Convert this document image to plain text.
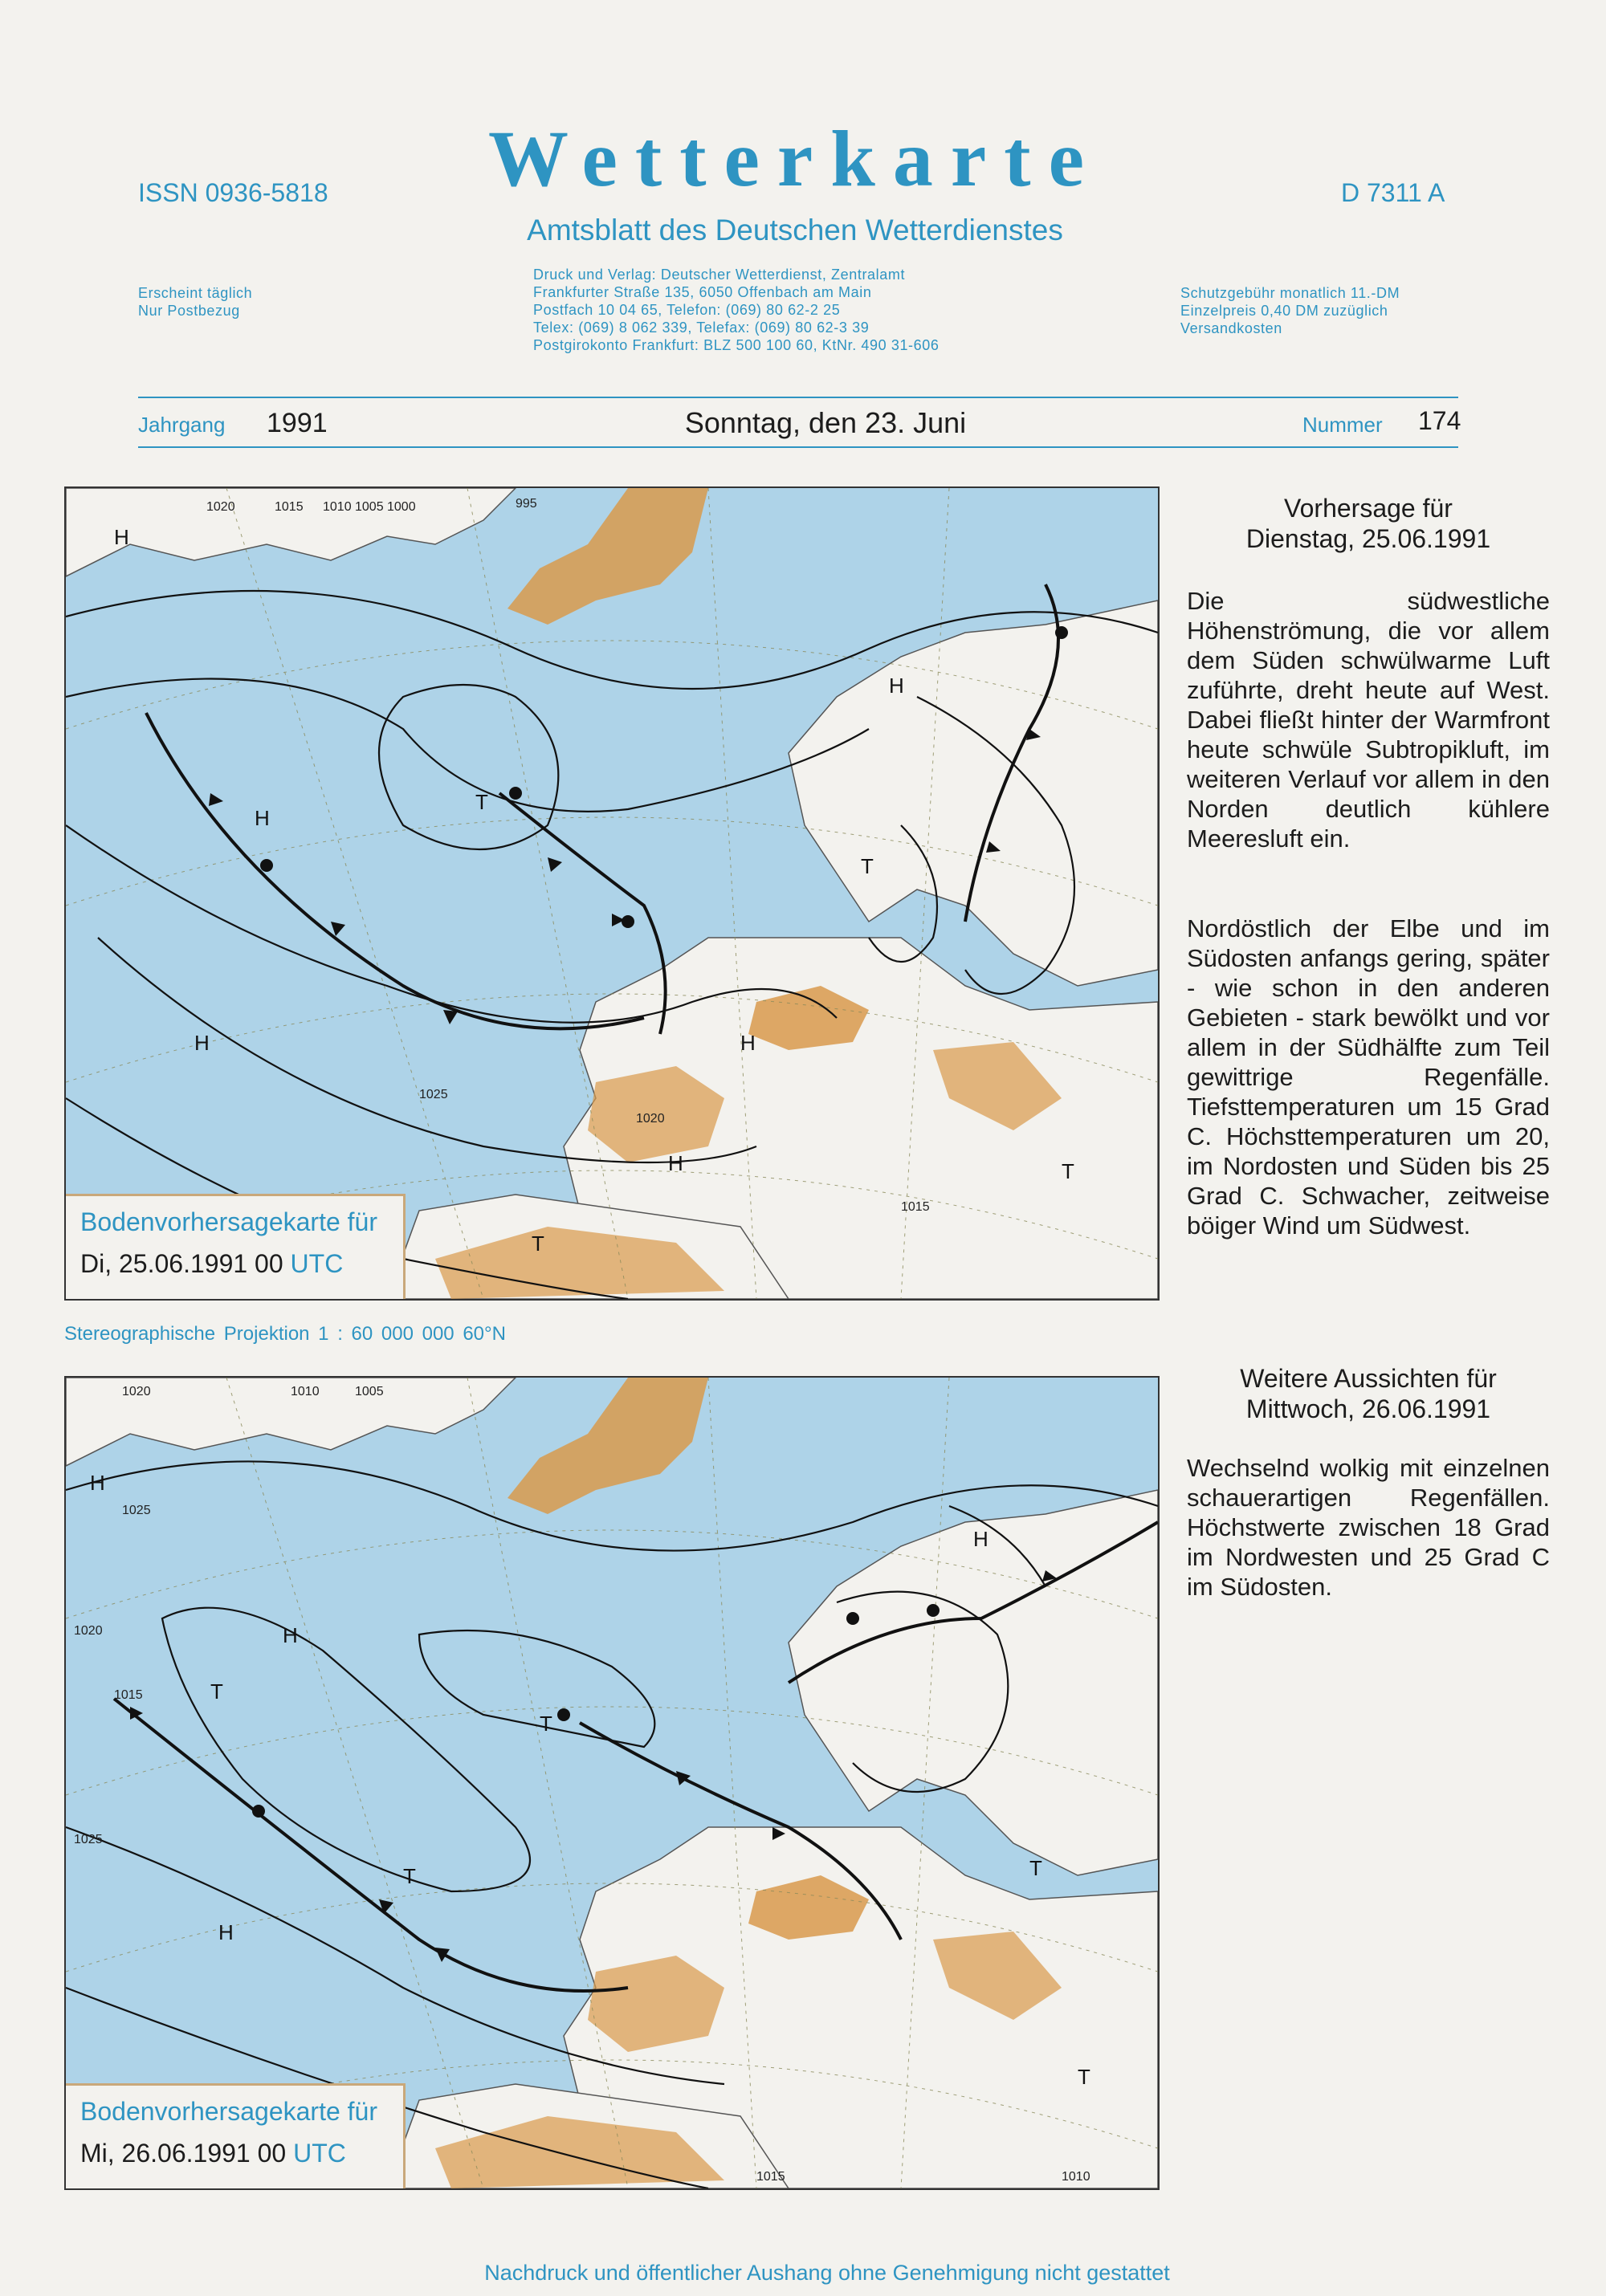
ISSN 0936-5818	Wetterkarte	D 7311 A
Amtsblatt des Deutschen Wetterdienstes
Erscheint täglich
Nur Postbezug
Druck und Verlag: Deutscher Wetterdienst, Zentralamt
Frankfurter Straße 135, 6050 Offenbach am Main
Postfach 10 04 65, Telefon: (069) 80 62-2 25
Telex: (069) 8 062 339, Telefax: (069) 80 62-3 39
Postgirokonto Frankfurt: BLZ 500 100 60, KtNr. 490 31-606
Schutzgebühr monatlich 11.-DM
Einzelpreis 0,40 DM zuzüglich
Versandkosten
Jahrgang 1991	Sonntag, den 23. Juni	Nummer 174
H
H
H
H
H
H
T
T
T
T
1020	1015 1010 1005 1000	995
1025
1020
1015
Bodenvorhersagekarte für
Di, 25.06.1991 00 UTC
Stereographische Projektion 1 : 60 000 000 60°N
H
H
H
H
T
T
T	T
T
1020
1025
1010	1005
1020
1015
1025
1015	1010
Bodenvorhersagekarte für
Mi, 26.06.1991 00 UTC
Vorhersage für
Dienstag, 25.06.1991
Die südwestliche Höhenströmung, die vor allem dem Süden schwülwarme Luft zuführte, dreht heute auf West. Dabei fließt hinter der Warmfront heute schwüle Subtropikluft, im weiteren Verlauf vor allem in den Norden deutlich kühlere Meeresluft ein.
Nordöstlich der Elbe und im Südosten anfangs gering, später - wie schon in den anderen Gebieten - stark bewölkt und vor allem in der Südhälfte zum Teil gewittrige Regenfälle. Tiefsttemperaturen um 15 Grad C. Höchsttemperaturen um 20, im Nordosten und Süden bis 25 Grad C. Schwacher, zeitweise böiger Wind um Südwest.
Weitere Aussichten für
Mittwoch, 26.06.1991
Wechselnd wolkig mit einzelnen schauerartigen Regenfällen. Höchstwerte zwischen 18 Grad im Nordwesten und 25 Grad C im Südosten.
Nachdruck und öffentlicher Aushang ohne Genehmigung nicht gestattet
